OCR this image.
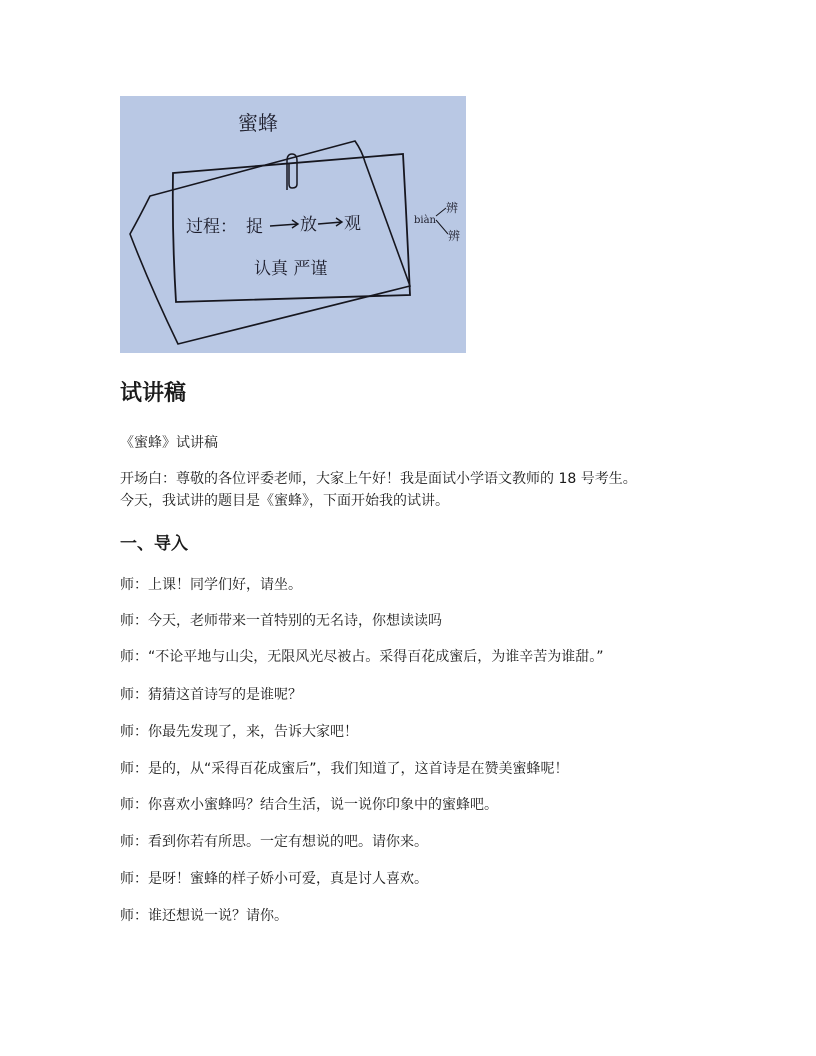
蜜蜂
过程： 捉 放 观
认真 严谨
biàn
辨
辨
试讲稿

《蜜蜂》试讲稿

开场白：尊敬的各位评委老师，大家上午好！我是面试小学语文教师的 18 号考生。

今天，我试讲的题目是《蜜蜂》，下面开始我的试讲。

一、导入

师：上课！同学们好，请坐。

师：今天，老师带来一首特别的无名诗，你想读读吗

师：“不论平地与山尖，无限风光尽被占。采得百花成蜜后，为谁辛苦为谁甜。”

师：猜猜这首诗写的是谁呢？

师：你最先发现了，来，告诉大家吧！

师：是的，从“采得百花成蜜后”，我们知道了，这首诗是在赞美蜜蜂呢！

师：你喜欢小蜜蜂吗？结合生活，说一说你印象中的蜜蜂吧。

师：看到你若有所思。一定有想说的吧。请你来。

师：是呀！蜜蜂的样子娇小可爱，真是讨人喜欢。

师：谁还想说一说？请你。
